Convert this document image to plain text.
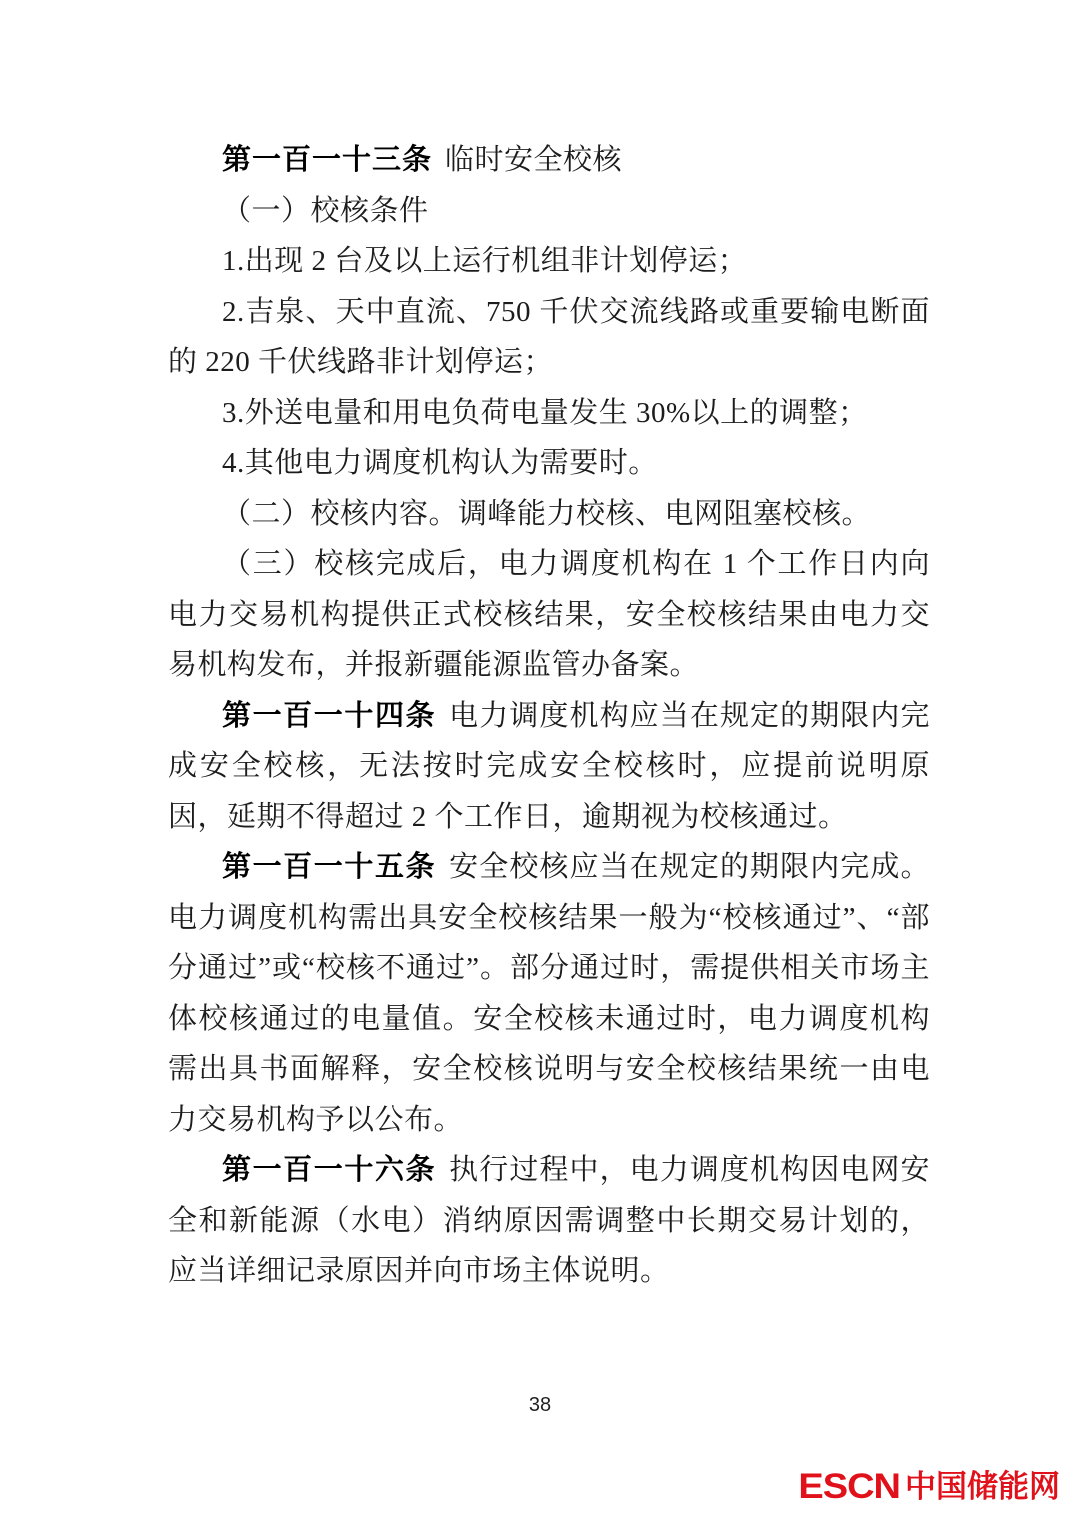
第一百一十三条 临时安全校核

（一）校核条件

1.出现 2 台及以上运行机组非计划停运；

2.吉泉、天中直流、750 千伏交流线路或重要输电断面的 220 千伏线路非计划停运；

3.外送电量和用电负荷电量发生 30%以上的调整；

4.其他电力调度机构认为需要时。

（二）校核内容。调峰能力校核、电网阻塞校核。

（三）校核完成后，电力调度机构在 1 个工作日内向电力交易机构提供正式校核结果，安全校核结果由电力交易机构发布，并报新疆能源监管办备案。

第一百一十四条 电力调度机构应当在规定的期限内完成安全校核，无法按时完成安全校核时，应提前说明原因，延期不得超过 2 个工作日，逾期视为校核通过。

第一百一十五条 安全校核应当在规定的期限内完成。电力调度机构需出具安全校核结果一般为“校核通过”、“部分通过”或“校核不通过”。部分通过时，需提供相关市场主体校核通过的电量值。安全校核未通过时，电力调度机构需出具书面解释，安全校核说明与安全校核结果统一由电力交易机构予以公布。

第一百一十六条 执行过程中，电力调度机构因电网安全和新能源（水电）消纳原因需调整中长期交易计划的，应当详细记录原因并向市场主体说明。

38
ESCN 中国储能网
